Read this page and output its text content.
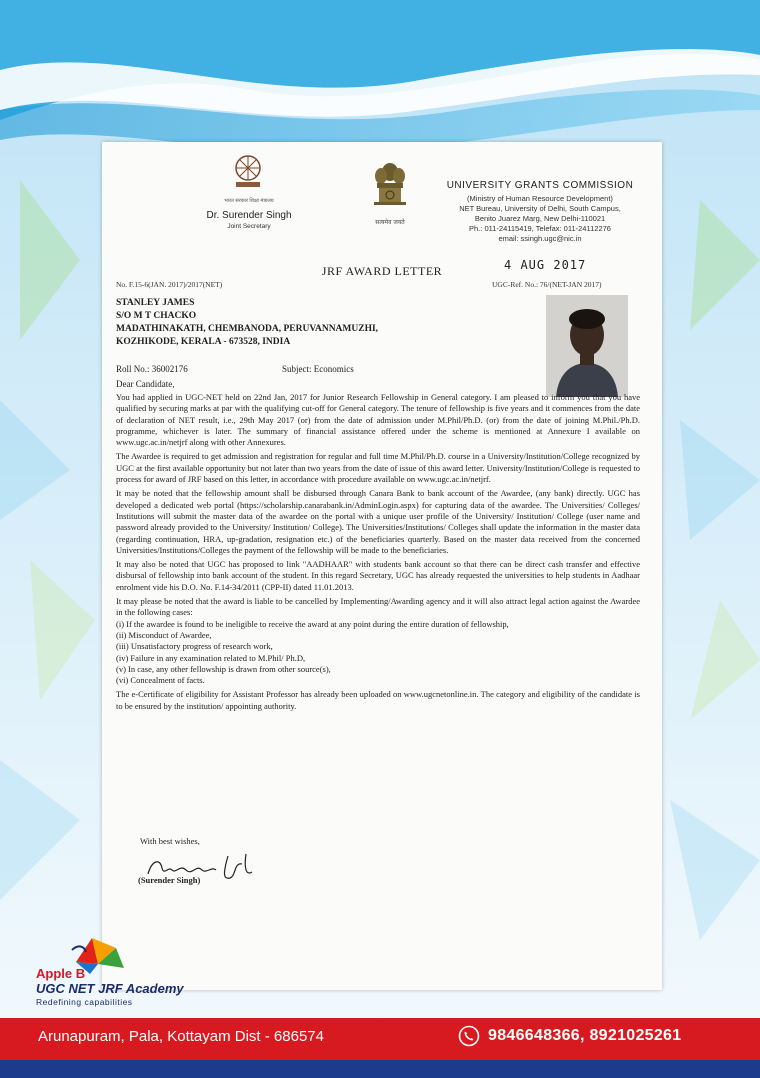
भारत सरकार शिक्षा मंत्रालय
Dr. Surender Singh
Joint Secretary
सत्यमेव जयते
UNIVERSITY GRANTS COMMISSION
(Ministry of Human Resource Development)
NET Bureau, University of Delhi, South Campus,
Benito Juarez Marg, New Delhi-110021
Ph.: 011-24115419, Telefax: 011-24112276
email: ssingh.ugc@nic.in
4 AUG 2017
JRF AWARD LETTER
No. F.15-6(JAN. 2017)/2017(NET)	UGC-Ref. No.: 76/(NET-JAN 2017)
STANLEY JAMES
S/O M T CHACKO
MADATHINAKATH, CHEMBANODA, PERUVANNAMUZHI,
KOZHIKODE, KERALA - 673528, INDIA
Roll No.: 36002176	Subject: Economics
Dear Candidate,

You had applied in UGC-NET held on 22nd Jan, 2017 for Junior Research Fellowship in General category. I am pleased to inform you that you have qualified by securing marks at par with the qualifying cut-off for General category. The tenure of fellowship is five years and it commences from the date of declaration of NET result, i.e., 29th May 2017 (or) from the date of admission under M.Phil/Ph.D. (or) from the date of joining M.Phil./Ph.D. programme, whichever is later. The summary of financial assistance offered under the scheme is mentioned at Annexure I available on www.ugc.ac.in/netjrf along with other Annexures.

The Awardee is required to get admission and registration for regular and full time M.Phil/Ph.D. course in a University/Institution/College recognized by UGC at the first available opportunity but not later than two years from the date of issue of this award letter. University/Institution/College is requested to process for award of JRF based on this letter, in accordance with procedure available on www.ugc.ac.in/netjrf.

It may be noted that the fellowship amount shall be disbursed through Canara Bank to bank account of the Awardee, (any bank) directly. UGC has developed a dedicated web portal (https://scholarship.canarabank.in/AdminLogin.aspx) for capturing data of the awardee. The Universities/ Colleges/ Institutions will submit the master data of the awardee on the portal with a unique user profile of the University/ Institution/ College (user name and password already provided to the University/ Institution/ College). The Universities/Institutions/ Colleges shall update the information in the master data (regarding continuation, HRA, up-gradation, resignation etc.) of the beneficiaries quarterly. Based on the master data received from the concerned Universities/Institutions/Colleges the payment of the fellowship will be made to the beneficiaries.

It may also be noted that UGC has proposed to link "AADHAAR" with students bank account so that there can be direct cash transfer and effective disbursal of fellowship into bank account of the student. In this regard Secretary, UGC has already requested the universities to help students in Aadhaar enrolment vide his D.O. No. F.14-34/2011 (CPP-II) dated 11.01.2013.

It may please be noted that the award is liable to be cancelled by Implementing/Awarding agency and it will also attract legal action against the Awardee in the following cases:

(i) If the awardee is found to be ineligible to receive the award at any point during the entire duration of fellowship,
(ii) Misconduct of Awardee,
(iii) Unsatisfactory progress of research work,
(iv) Failure in any examination related to M.Phil/ Ph.D,
(v) In case, any other fellowship is drawn from other source(s),
(vi) Concealment of facts.

The e-Certificate of eligibility for Assistant Professor has already been uploaded on www.ugcnetonline.in. The category and eligibility of the candidate is to be ensured by the institution/ appointing authority.

With best wishes,
(Surender Singh)
Apple B
UGC NET JRF Academy
Redefining capabilities
Arunapuram, Pala, Kottayam Dist - 686574	9846648366, 8921025261
